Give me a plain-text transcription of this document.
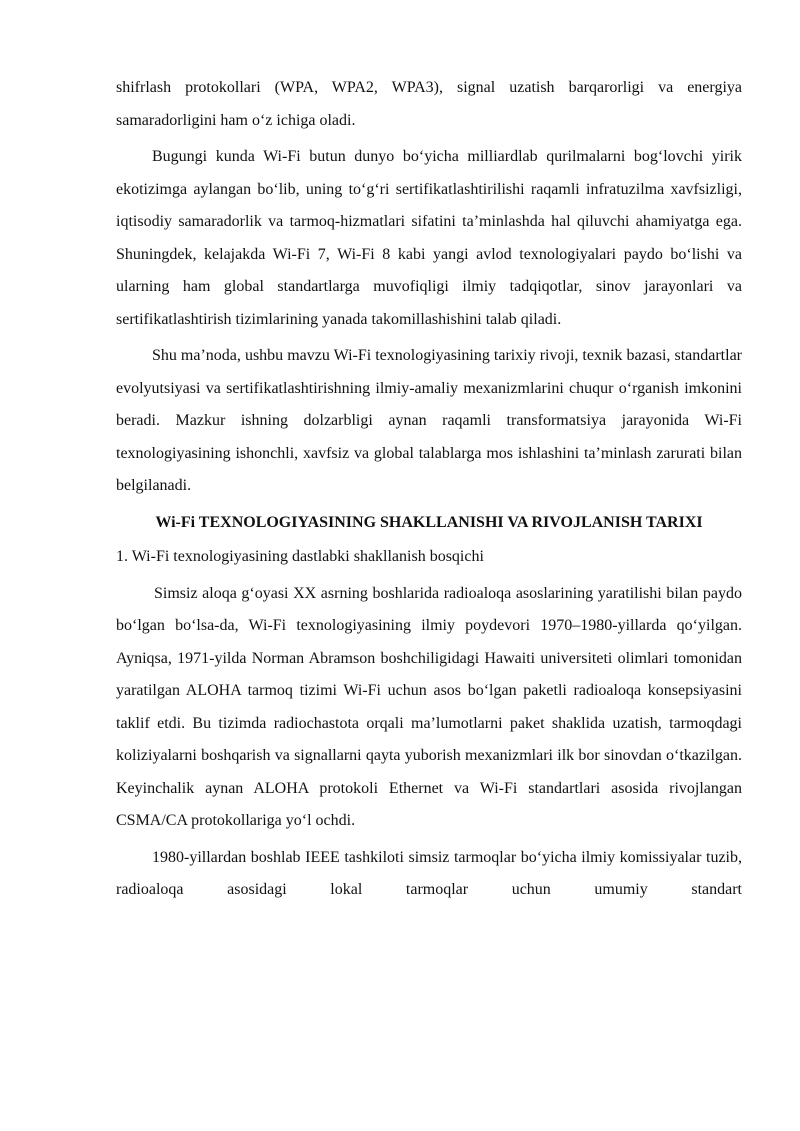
shifrlash protokollari (WPA, WPA2, WPA3), signal uzatish barqarorligi va energiya samaradorligini ham o‘z ichiga oladi.

Bugungi kunda Wi-Fi butun dunyo bo‘yicha milliardlab qurilmalarni bog‘lovchi yirik ekotizimga aylangan bo‘lib, uning to‘g‘ri sertifikatlashtirilishi raqamli infratuzilma xavfsizligi, iqtisodiy samaradorlik va tarmoq-hizmatlari sifatini ta’minlashda hal qiluvchi ahamiyatga ega. Shuningdek, kelajakda Wi-Fi 7, Wi-Fi 8 kabi yangi avlod texnologiyalari paydo bo‘lishi va ularning ham global standartlarga muvofiqligi ilmiy tadqiqotlar, sinov jarayonlari va sertifikatlashtirish tizimlarining yanada takomillashishini talab qiladi.

Shu ma’noda, ushbu mavzu Wi-Fi texnologiyasining tarixiy rivoji, texnik bazasi, standartlar evolyutsiyasi va sertifikatlashtirishning ilmiy-amaliy mexanizmlarini chuqur o‘rganish imkonini beradi. Mazkur ishning dolzarbligi aynan raqamli transformatsiya jarayonida Wi-Fi texnologiyasining ishonchli, xavfsiz va global talablarga mos ishlashini ta’minlash zarurati bilan belgilanadi.

Wi-Fi TEXNOLOGIYASINING SHAKLLANISHI VA RIVOJLANISH TARIXI

1. Wi-Fi texnologiyasining dastlabki shakllanish bosqichi

Simsiz aloqa g‘oyasi XX asrning boshlarida radioaloqa asoslarining yaratilishi bilan paydo bo‘lgan bo‘lsa-da, Wi-Fi texnologiyasining ilmiy poydevori 1970–1980-yillarda qo‘yilgan. Ayniqsa, 1971-yilda Norman Abramson boshchiligidagi Hawaiti universiteti olimlari tomonidan yaratilgan ALOHA tarmoq tizimi Wi-Fi uchun asos bo‘lgan paketli radioaloqa konsepsiyasini taklif etdi. Bu tizimda radiochastota orqali ma’lumotlarni paket shaklida uzatish, tarmoqdagi koliziyalarni boshqarish va signallarni qayta yuborish mexanizmlari ilk bor sinovdan o‘tkazilgan. Keyinchalik aynan ALOHA protokoli Ethernet va Wi-Fi standartlari asosida rivojlangan CSMA/CA protokollariga yo‘l ochdi.

1980-yillardan boshlab IEEE tashkiloti simsiz tarmoqlar bo‘yicha ilmiy komissiyalar tuzib, radioaloqa asosidagi lokal tarmoqlar uchun umumiy standart
